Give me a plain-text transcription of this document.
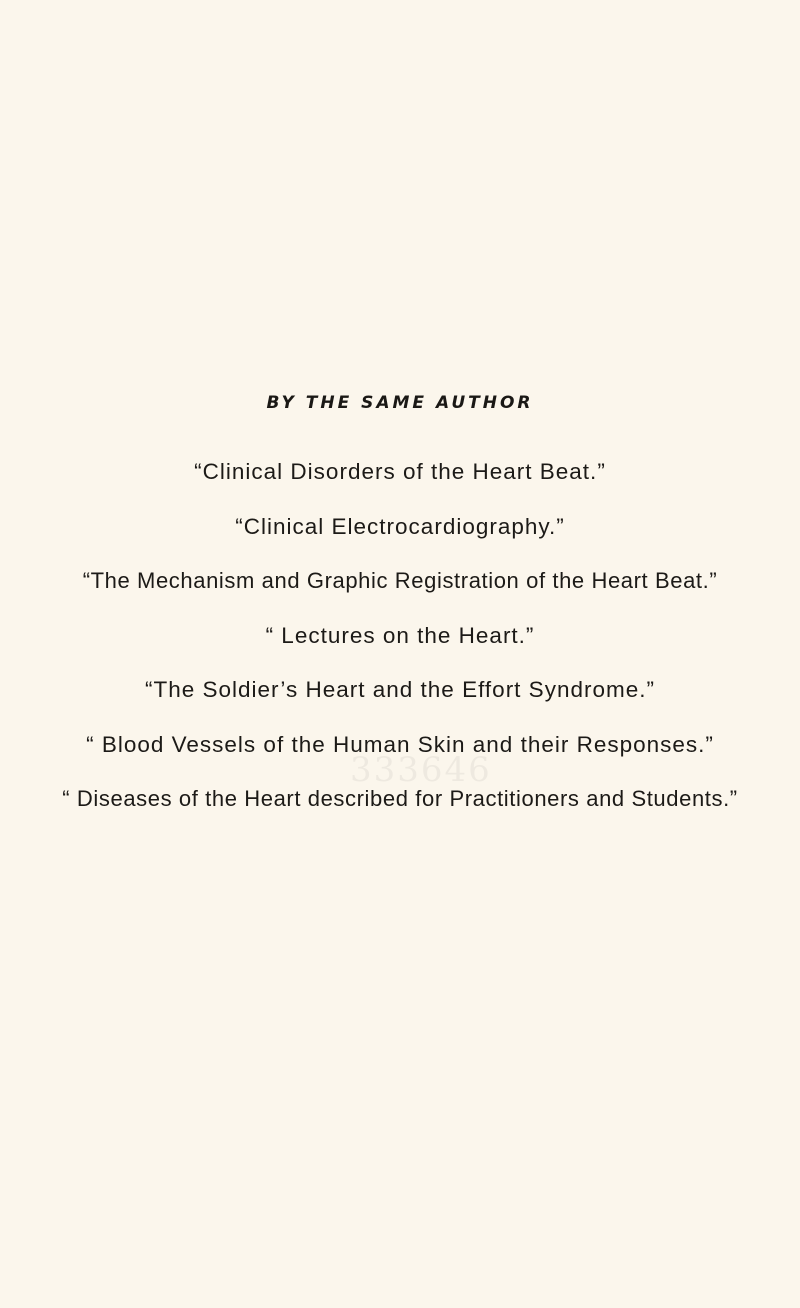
BY THE SAME AUTHOR
“Clinical Disorders of the Heart Beat.”
“Clinical Electrocardiography.”
“The Mechanism and Graphic Registration of the Heart Beat.”
“ Lectures on the Heart.”
“The Soldier’s Heart and the Effort Syndrome.”
“ Blood Vessels of the Human Skin and their Responses.”
“ Diseases of the Heart described for Practitioners and Students.”
333646
